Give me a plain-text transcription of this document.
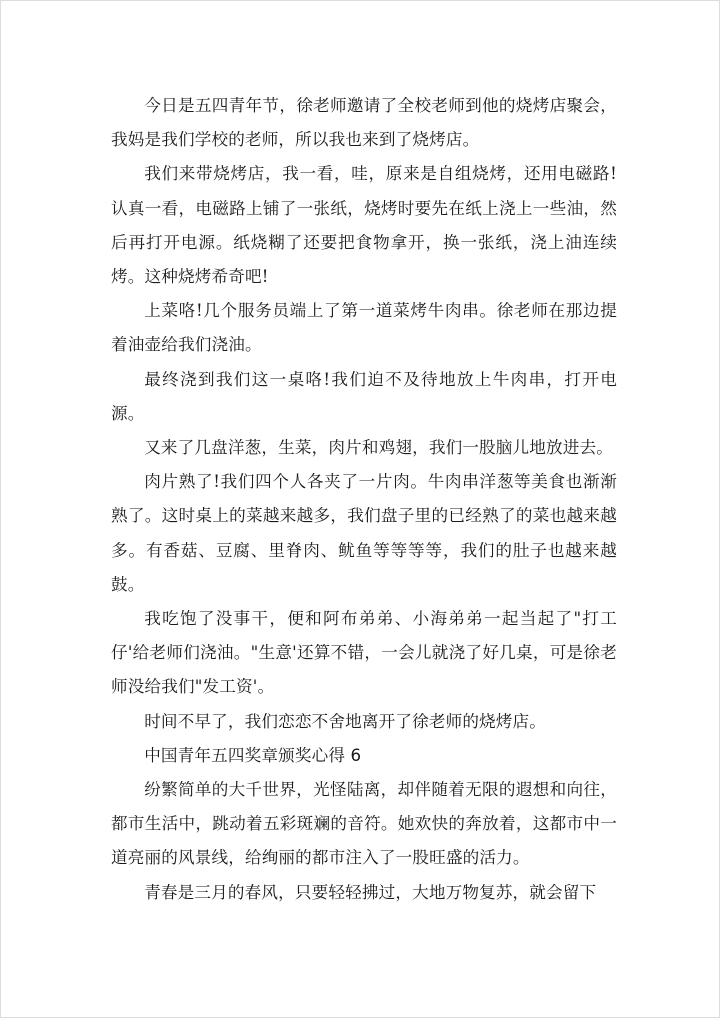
今日是五四青年节，徐老师邀请了全校老师到他的烧烤店聚会，我妈是我们学校的老师，所以我也来到了烧烤店。

我们来带烧烤店，我一看，哇，原来是自组烧烤，还用电磁路!认真一看，电磁路上铺了一张纸，烧烤时要先在纸上浇上一些油，然后再打开电源。纸烧糊了还要把食物拿开，换一张纸，浇上油连续烤。这种烧烤希奇吧!

上菜咯!几个服务员端上了第一道菜烤牛肉串。徐老师在那边提着油壶给我们浇油。

最终浇到我们这一桌咯!我们迫不及待地放上牛肉串，打开电源。

又来了几盘洋葱，生菜，肉片和鸡翅，我们一股脑儿地放进去。

肉片熟了!我们四个人各夹了一片肉。牛肉串洋葱等美食也渐渐熟了。这时桌上的菜越来越多，我们盘子里的已经熟了的菜也越来越多。有香菇、豆腐、里脊肉、鱿鱼等等等等，我们的肚子也越来越鼓。

我吃饱了没事干，便和阿布弟弟、小海弟弟一起当起了"打工仔'给老师们浇油。"生意'还算不错，一会儿就浇了好几桌，可是徐老师没给我们"发工资'。

时间不早了，我们恋恋不舍地离开了徐老师的烧烤店。

中国青年五四奖章颁奖心得 6

纷繁简单的大千世界，光怪陆离，却伴随着无限的遐想和向往，都市生活中，跳动着五彩斑斓的音符。她欢快的奔放着，这都市中一道亮丽的风景线，给绚丽的都市注入了一股旺盛的活力。

青春是三月的春风，只要轻轻拂过，大地万物复苏，就会留下
